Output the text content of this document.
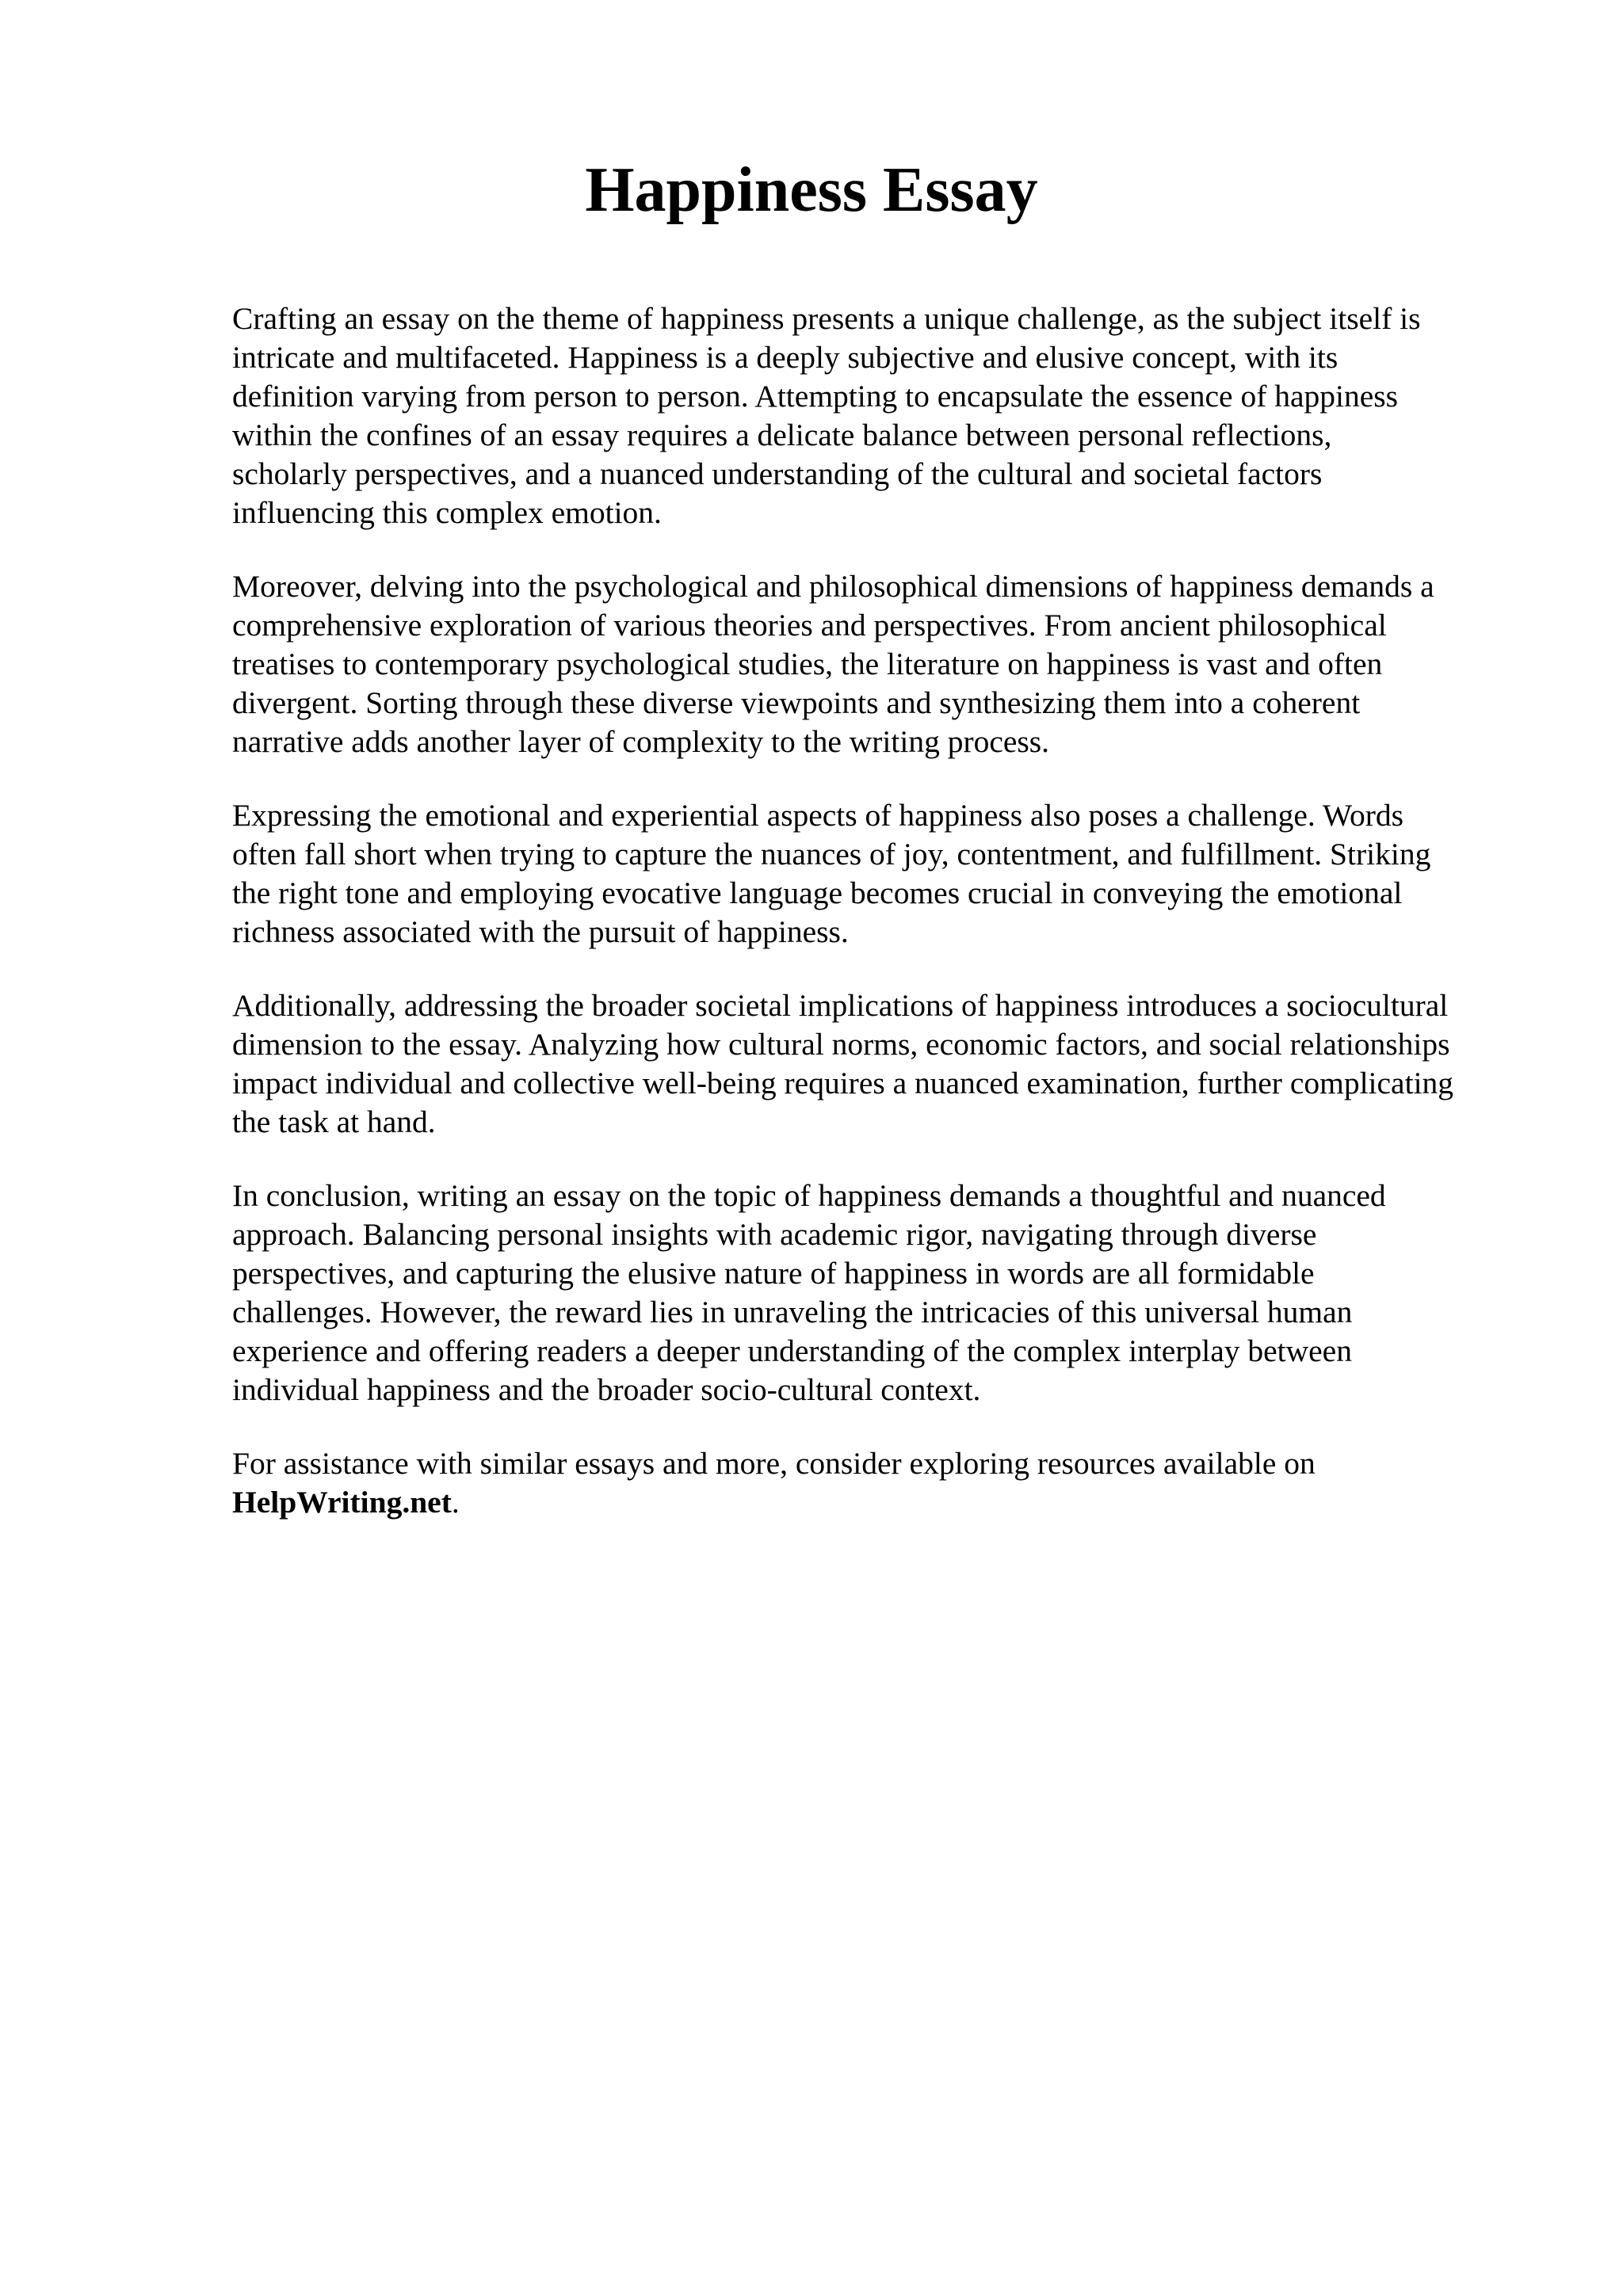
Happiness Essay

Crafting an essay on the theme of happiness presents a unique challenge, as the subject itself is
intricate and multifaceted. Happiness is a deeply subjective and elusive concept, with its
definition varying from person to person. Attempting to encapsulate the essence of happiness
within the confines of an essay requires a delicate balance between personal reflections,
scholarly perspectives, and a nuanced understanding of the cultural and societal factors
influencing this complex emotion.

Moreover, delving into the psychological and philosophical dimensions of happiness demands a
comprehensive exploration of various theories and perspectives. From ancient philosophical
treatises to contemporary psychological studies, the literature on happiness is vast and often
divergent. Sorting through these diverse viewpoints and synthesizing them into a coherent
narrative adds another layer of complexity to the writing process.

Expressing the emotional and experiential aspects of happiness also poses a challenge. Words
often fall short when trying to capture the nuances of joy, contentment, and fulfillment. Striking
the right tone and employing evocative language becomes crucial in conveying the emotional
richness associated with the pursuit of happiness.

Additionally, addressing the broader societal implications of happiness introduces a sociocultural
dimension to the essay. Analyzing how cultural norms, economic factors, and social relationships
impact individual and collective well-being requires a nuanced examination, further complicating
the task at hand.

In conclusion, writing an essay on the topic of happiness demands a thoughtful and nuanced
approach. Balancing personal insights with academic rigor, navigating through diverse
perspectives, and capturing the elusive nature of happiness in words are all formidable
challenges. However, the reward lies in unraveling the intricacies of this universal human
experience and offering readers a deeper understanding of the complex interplay between
individual happiness and the broader socio-cultural context.

For assistance with similar essays and more, consider exploring resources available on
HelpWriting.net.
